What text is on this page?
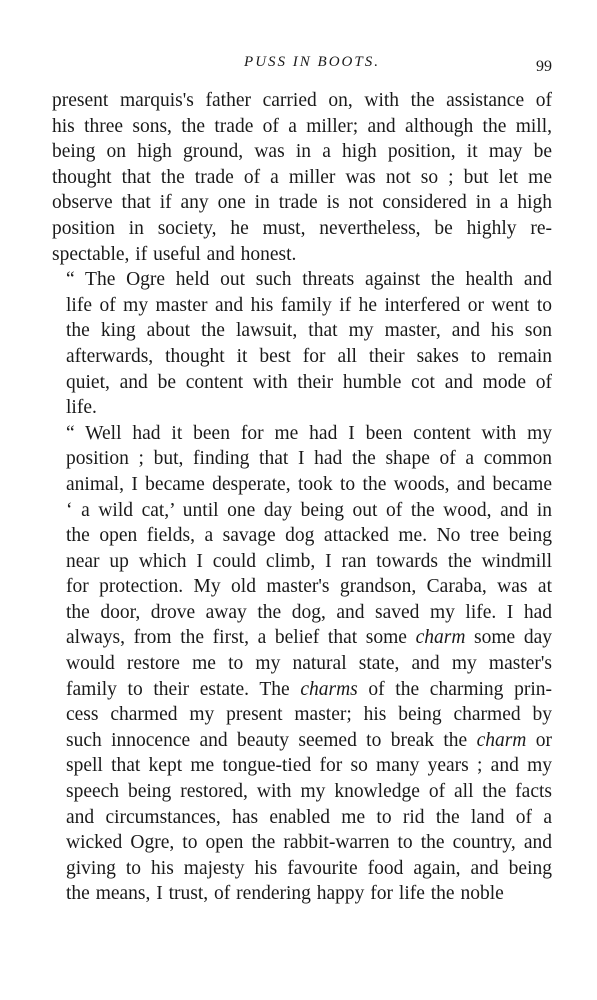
PUSS IN BOOTS.	99

present marquis's father carried on, with the assistance of
his three sons, the trade of a miller; and although the mill,
being on high ground, was in a high position, it may be
thought that the trade of a miller was not so ; but let me
observe that if any one in trade is not considered in a high
position in society, he must, nevertheless, be highly re-
spectable, if useful and honest.

“ The Ogre held out such threats against the health and
life of my master and his family if he interfered or went to
the king about the lawsuit, that my master, and his son
afterwards, thought it best for all their sakes to remain
quiet, and be content with their humble cot and mode of
life.

“ Well had it been for me had I been content with my
position ; but, finding that I had the shape of a common
animal, I became desperate, took to the woods, and became
‘ a wild cat,’ until one day being out of the wood, and in
the open fields, a savage dog attacked me. No tree being
near up which I could climb, I ran towards the windmill
for protection. My old master's grandson, Caraba, was at
the door, drove away the dog, and saved my life. I had
always, from the first, a belief that some charm some day
would restore me to my natural state, and my master's
family to their estate. The charms of the charming prin-
cess charmed my present master; his being charmed by
such innocence and beauty seemed to break the charm or
spell that kept me tongue-tied for so many years ; and my
speech being restored, with my knowledge of all the facts
and circumstances, has enabled me to rid the land of a
wicked Ogre, to open the rabbit-warren to the country, and
giving to his majesty his favourite food again, and being
the means, I trust, of rendering happy for life the noble
